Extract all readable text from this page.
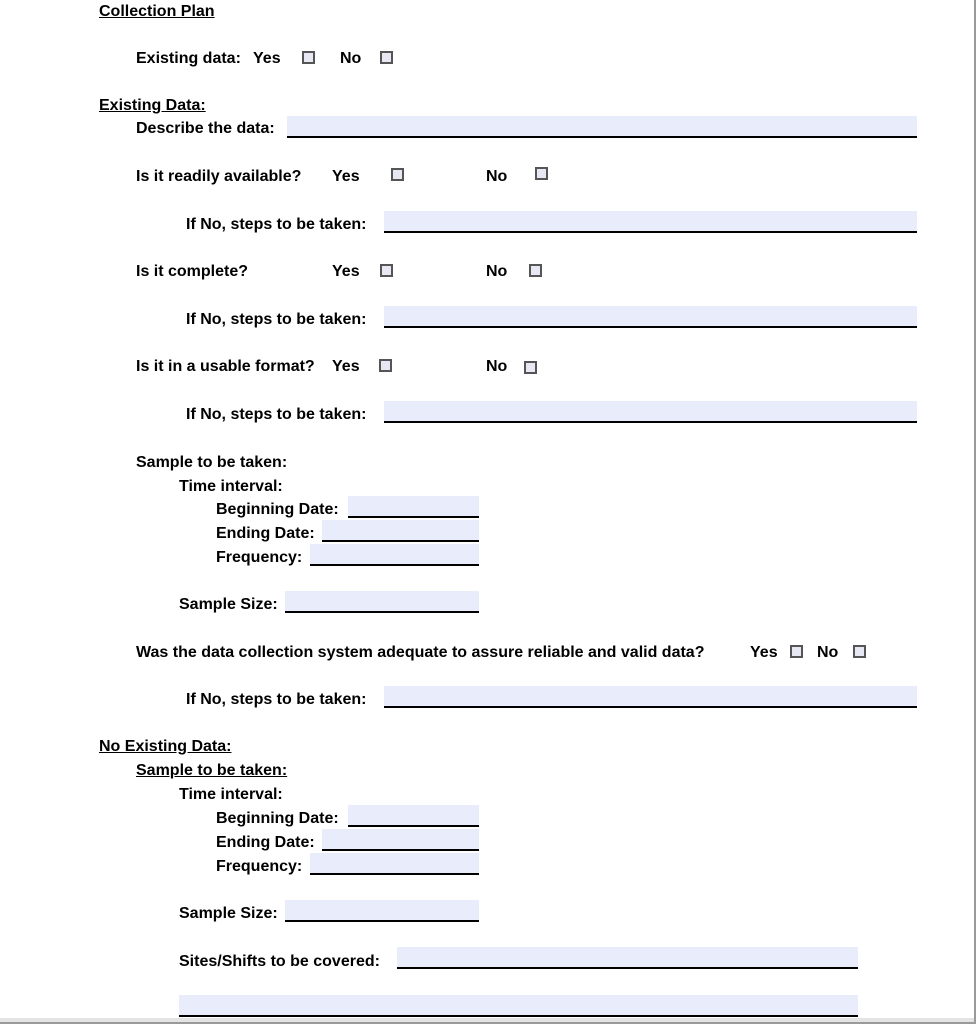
Collection Plan
Existing data: Yes	No
Existing Data:
Describe the data:
Is it readily available? Yes	No
If No, steps to be taken:
Is it complete?	Yes	No
If No, steps to be taken:
Is it in a usable format? Yes	No
If No, steps to be taken:
Sample to be taken:
Time interval:
Beginning Date:
Ending Date:
Frequency:
Sample Size:
Was the data collection system adequate to assure reliable and valid data?	Yes No
If No, steps to be taken:
No Existing Data:
Sample to be taken:
Time interval:
Beginning Date:
Ending Date:
Frequency:
Sample Size:
Sites/Shifts to be covered:
